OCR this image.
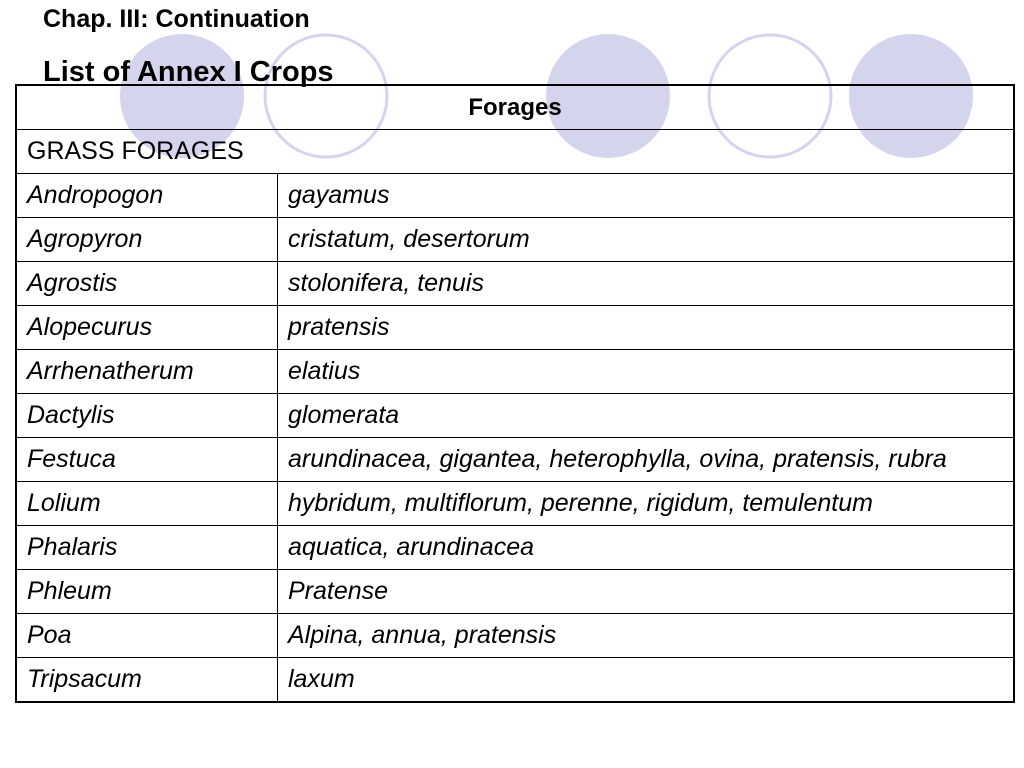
Chap. III: Continuation
List of Annex I Crops
Forages	
GRASS FORAGES	
Andropogon	gayamus
Agropyron	cristatum, desertorum
Agrostis	stolonifera, tenuis
Alopecurus	pratensis
Arrhenatherum	elatius
Dactylis	glomerata
Festuca	arundinacea, gigantea, heterophylla, ovina, pratensis, rubra
Lolium	hybridum, multiflorum, perenne, rigidum, temulentum
Phalaris	aquatica, arundinacea
Phleum	Pratense
Poa	Alpina, annua, pratensis
Tripsacum	laxum
